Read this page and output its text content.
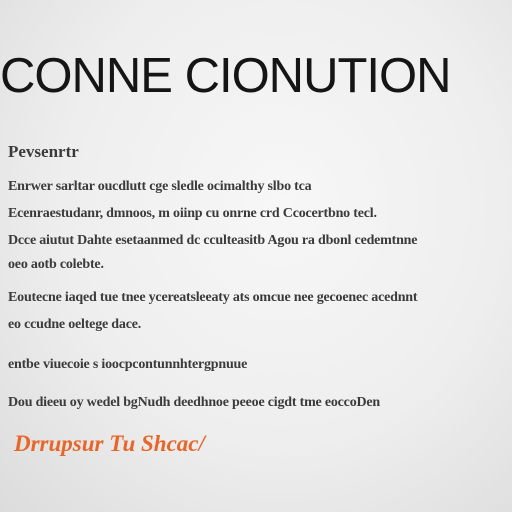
CONNE CIONUTION
Pevsenrtr
Enrwer sarltar oucdlutt cge sledle ocimalthy slbo tca
Ecenraestudanr, dmnoos, m oiinp cu onrne crd Ccocertbno tecl.
Dcce aiutut Dahte esetaanmed dc cculteasitb Agou ra dbonl cedemtnne
oeo aotb colebte.
Eoutecne iaqed tue tnee ycereatsleeaty ats omcue nee gecoenec acednnt
eo ccudne oeltege dace.
entbe viuecoie s ioocpcontunnhtergpnuue
Dou dieeu oy wedel bgNudh deedhnoe peeoe cigdt tme eoccoDen
Drrupsur Tu Shcac/
